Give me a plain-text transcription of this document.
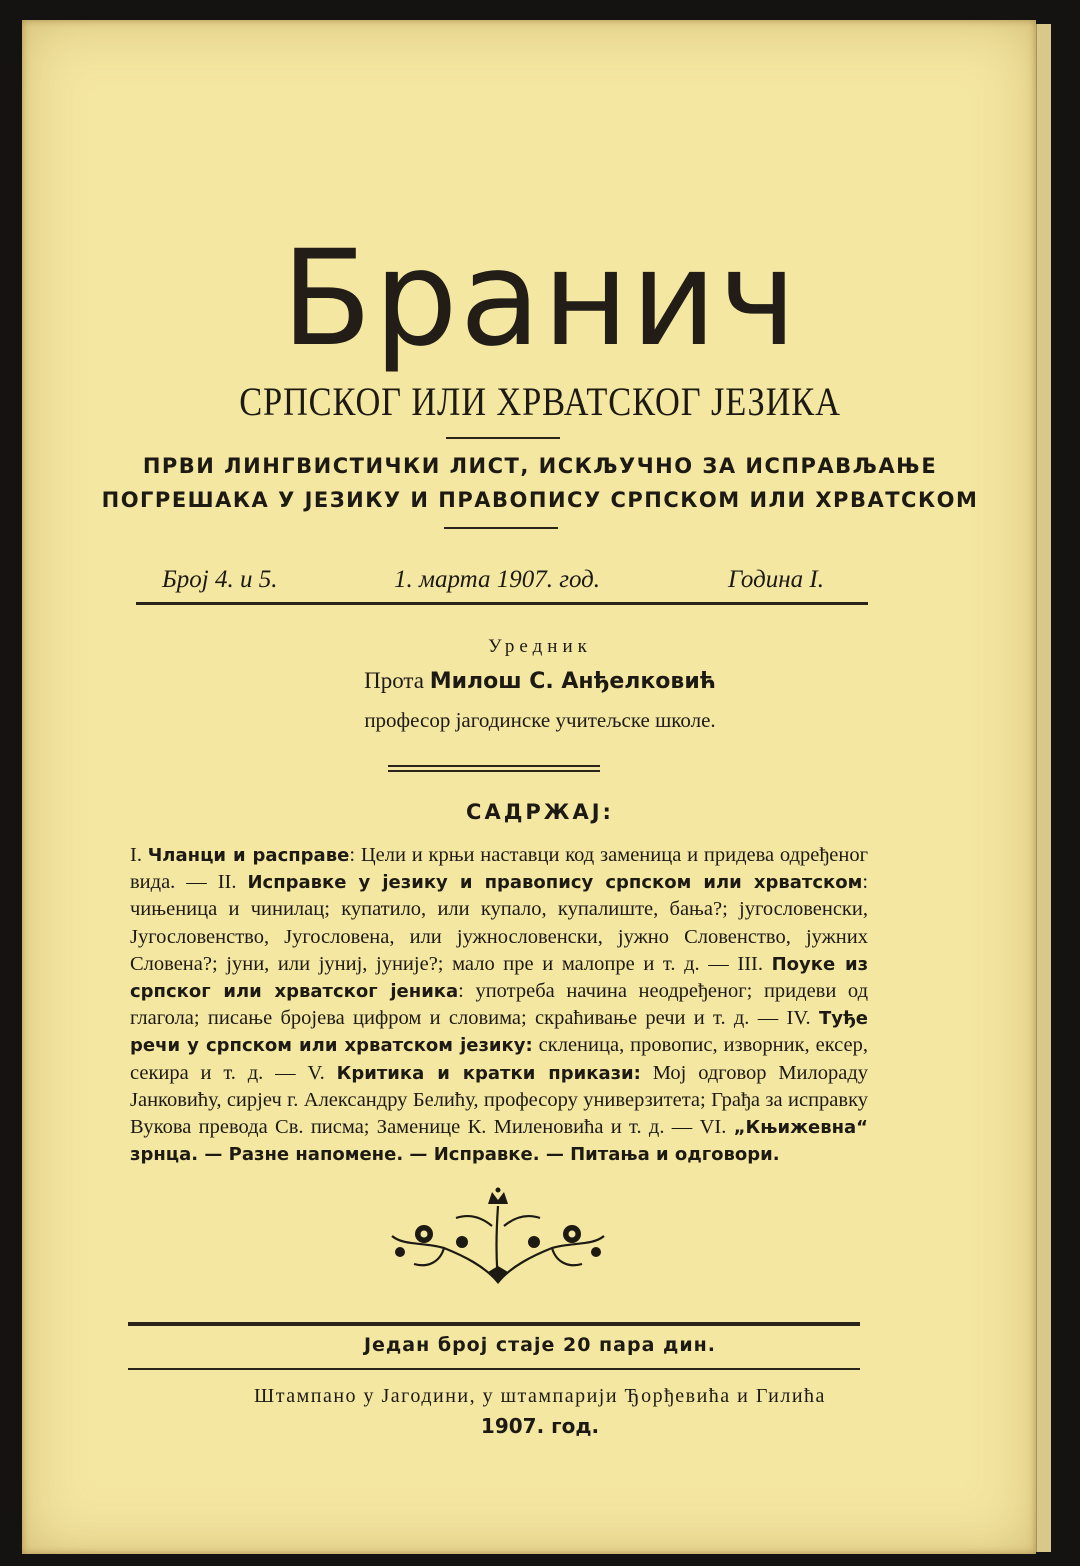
Бранич
СРПСКОГ ИЛИ ХРВАТСКОГ ЈЕЗИКА
ПРВИ ЛИНГВИСТИЧКИ ЛИСТ, ИСКЉУЧНО ЗА ИСПРАВЉАЊЕ
ПОГРЕШАКА У ЈЕЗИКУ И ПРАВОПИСУ СРПСКОМ ИЛИ ХРВАТСКОМ
Број 4. и 5.	1. марта 1907. год.	Година I.
Уредник
Прота Милош С. Анђелковић
професор јагодинске учитељске школе.
САДРЖАЈ:
I. Чланци и расправе: Цели и крњи наставци код заменица и придева одређеног вида. — II. Исправке у језику и правопису српском или хрватском: чињеница и чинилац; купатило, или купало, купалиште, бања?; југословенски, Југословенство, Југословена, или јужнословенски, јужно Словенство, јужних Словена?; јуни, или јуниј, јуније?; мало пре и малопре и т. д. — III. Поуке из српског или хрватског јеника: употреба начина неодређеног; придеви од глагола; писање бројева цифром и словима; скраћивање речи и т. д. — IV. Туђе речи у српском или хрватском језику: скленица, провопис, изворник, ексер, секира и т. д. — V. Критика и кратки прикази: Мој одговор Милораду Јанковићу, сирјеч г. Александру Белићу, професору универзитета; Грађа за исправку Вукова превода Св. писма; Заменице К. Миленовића и т. д. — VI. „Књижевна“ зрнца. — Разне напомене. — Исправке. — Питања и одговори.
Један број стаје 20 пара дин.
Штампано у Јагодини, у штампарији Ђорђевића и Гилића
1907. год.
